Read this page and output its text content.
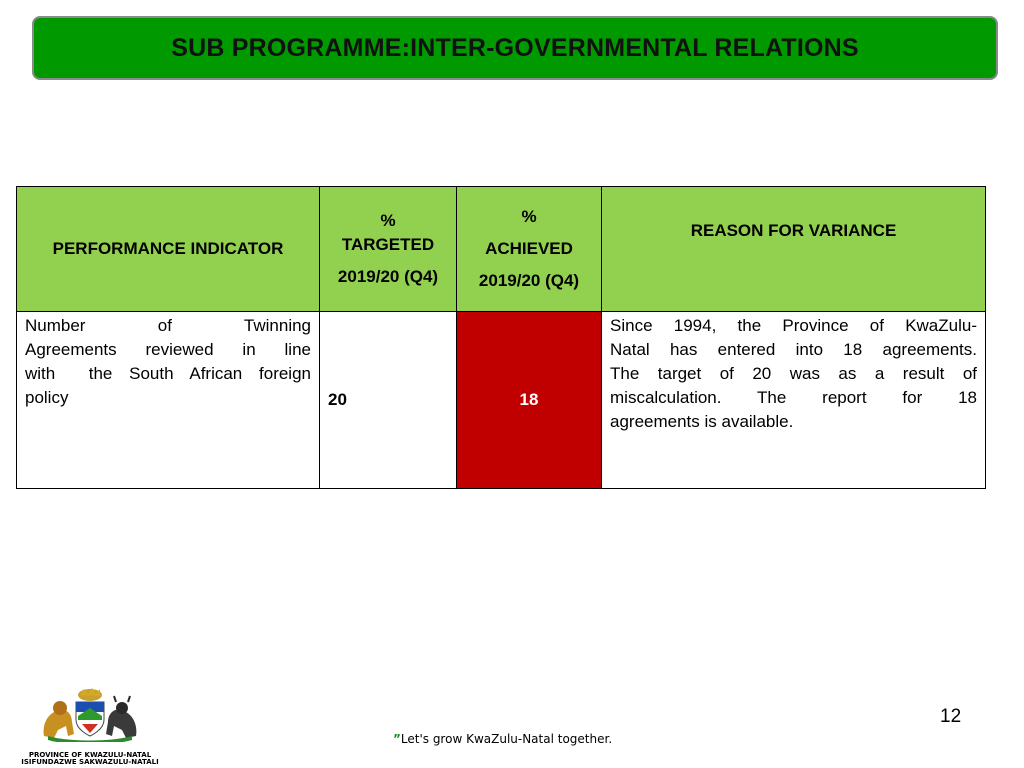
SUB PROGRAMME:INTER-GOVERNMENTAL RELATIONS
PERFORMANCE INDICATOR	%
TARGETED
2019/20 (Q4)	%
ACHIEVED
2019/20 (Q4)	REASON FOR VARIANCE

Number of Twinning
Agreements reviewed in line
with  the South African foreign
policy	20	18	Since 1994, the Province of KwaZulu-
Natal has entered into 18 agreements.
The target of 20 was as a result of
miscalculation. The report for 18
agreements is available.
PROVINCE OF KWAZULU-NATAL
ISIFUNDAZWE SAKWAZULU-NATALI
”Let's grow KwaZulu-Natal together.
12
